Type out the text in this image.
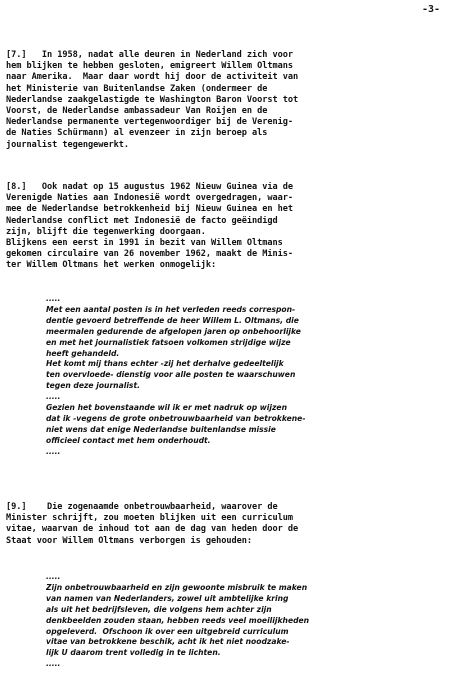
-3-
[7.]   In 1958, nadat alle deuren in Nederland zich voor
hem blijken te hebben gesloten, emigreert Willem Oltmans
naar Amerika.  Maar daar wordt hij door de activiteit van
het Ministerie van Buitenlandse Zaken (ondermeer de
Nederlandse zaakgelastigde te Washington Baron Voorst tot
Voorst, de Nederlandse ambassadeur Van Roijen en de
Nederlandse permanente vertegenwoordiger bij de Verenig-
de Naties Schürmann) al evenzeer in zijn beroep als
journalist tegengewerkt.
[8.]   Ook nadat op 15 augustus 1962 Nieuw Guinea via de
Verenigde Naties aan Indonesië wordt overgedragen, waar-
mee de Nederlandse betrokkenheid bij Nieuw Guinea en het
Nederlandse conflict met Indonesië de facto geëindigd
zijn, blijft die tegenwerking doorgaan.
Blijkens een eerst in 1991 in bezit van Willem Oltmans
gekomen circulaire van 26 november 1962, maakt de Minis-
ter Willem Oltmans het werken onmogelijk:
.....
Met een aantal posten is in het verleden reeds correspon-
dentie gevoerd betreffende de heer Willem L. Oltmans, die
meermalen gedurende de afgelopen jaren op onbehoorlijke
en met het journalistiek fatsoen volkomen strijdige wijze
heeft gehandeld.
Het komt mij thans echter -zij het derhalve gedeeltelijk
ten overvloede- dienstig voor alle posten te waarschuwen
tegen deze journalist.
.....
Gezien het bovenstaande wil ik er met nadruk op wijzen
dat ik -vegens de grote onbetrouwbaarheid van betrokkene-
niet wens dat enige Nederlandse buitenlandse missie
officieel contact met hem onderhoudt.
.....
[9.]    Die zogenaamde onbetrouwbaarheid, waarover de
Minister schrijft, zou moeten blijken uit een curriculum
vitae, waarvan de inhoud tot aan de dag van heden door de
Staat voor Willem Oltmans verborgen is gehouden:
.....
Zijn onbetrouwbaarheid en zijn gewoonte misbruik te maken
van namen van Nederlanders, zowel uit ambtelijke kring
als uit het bedrijfsleven, die volgens hem achter zijn
denkbeelden zouden staan, hebben reeds veel moeilijkheden
opgeleverd.  Ofschoon ik over een uitgebreid curriculum
vitae van betrokkene beschik, acht ik het niet noodzake-
lijk U daarom trent volledig in te lichten.
.....
